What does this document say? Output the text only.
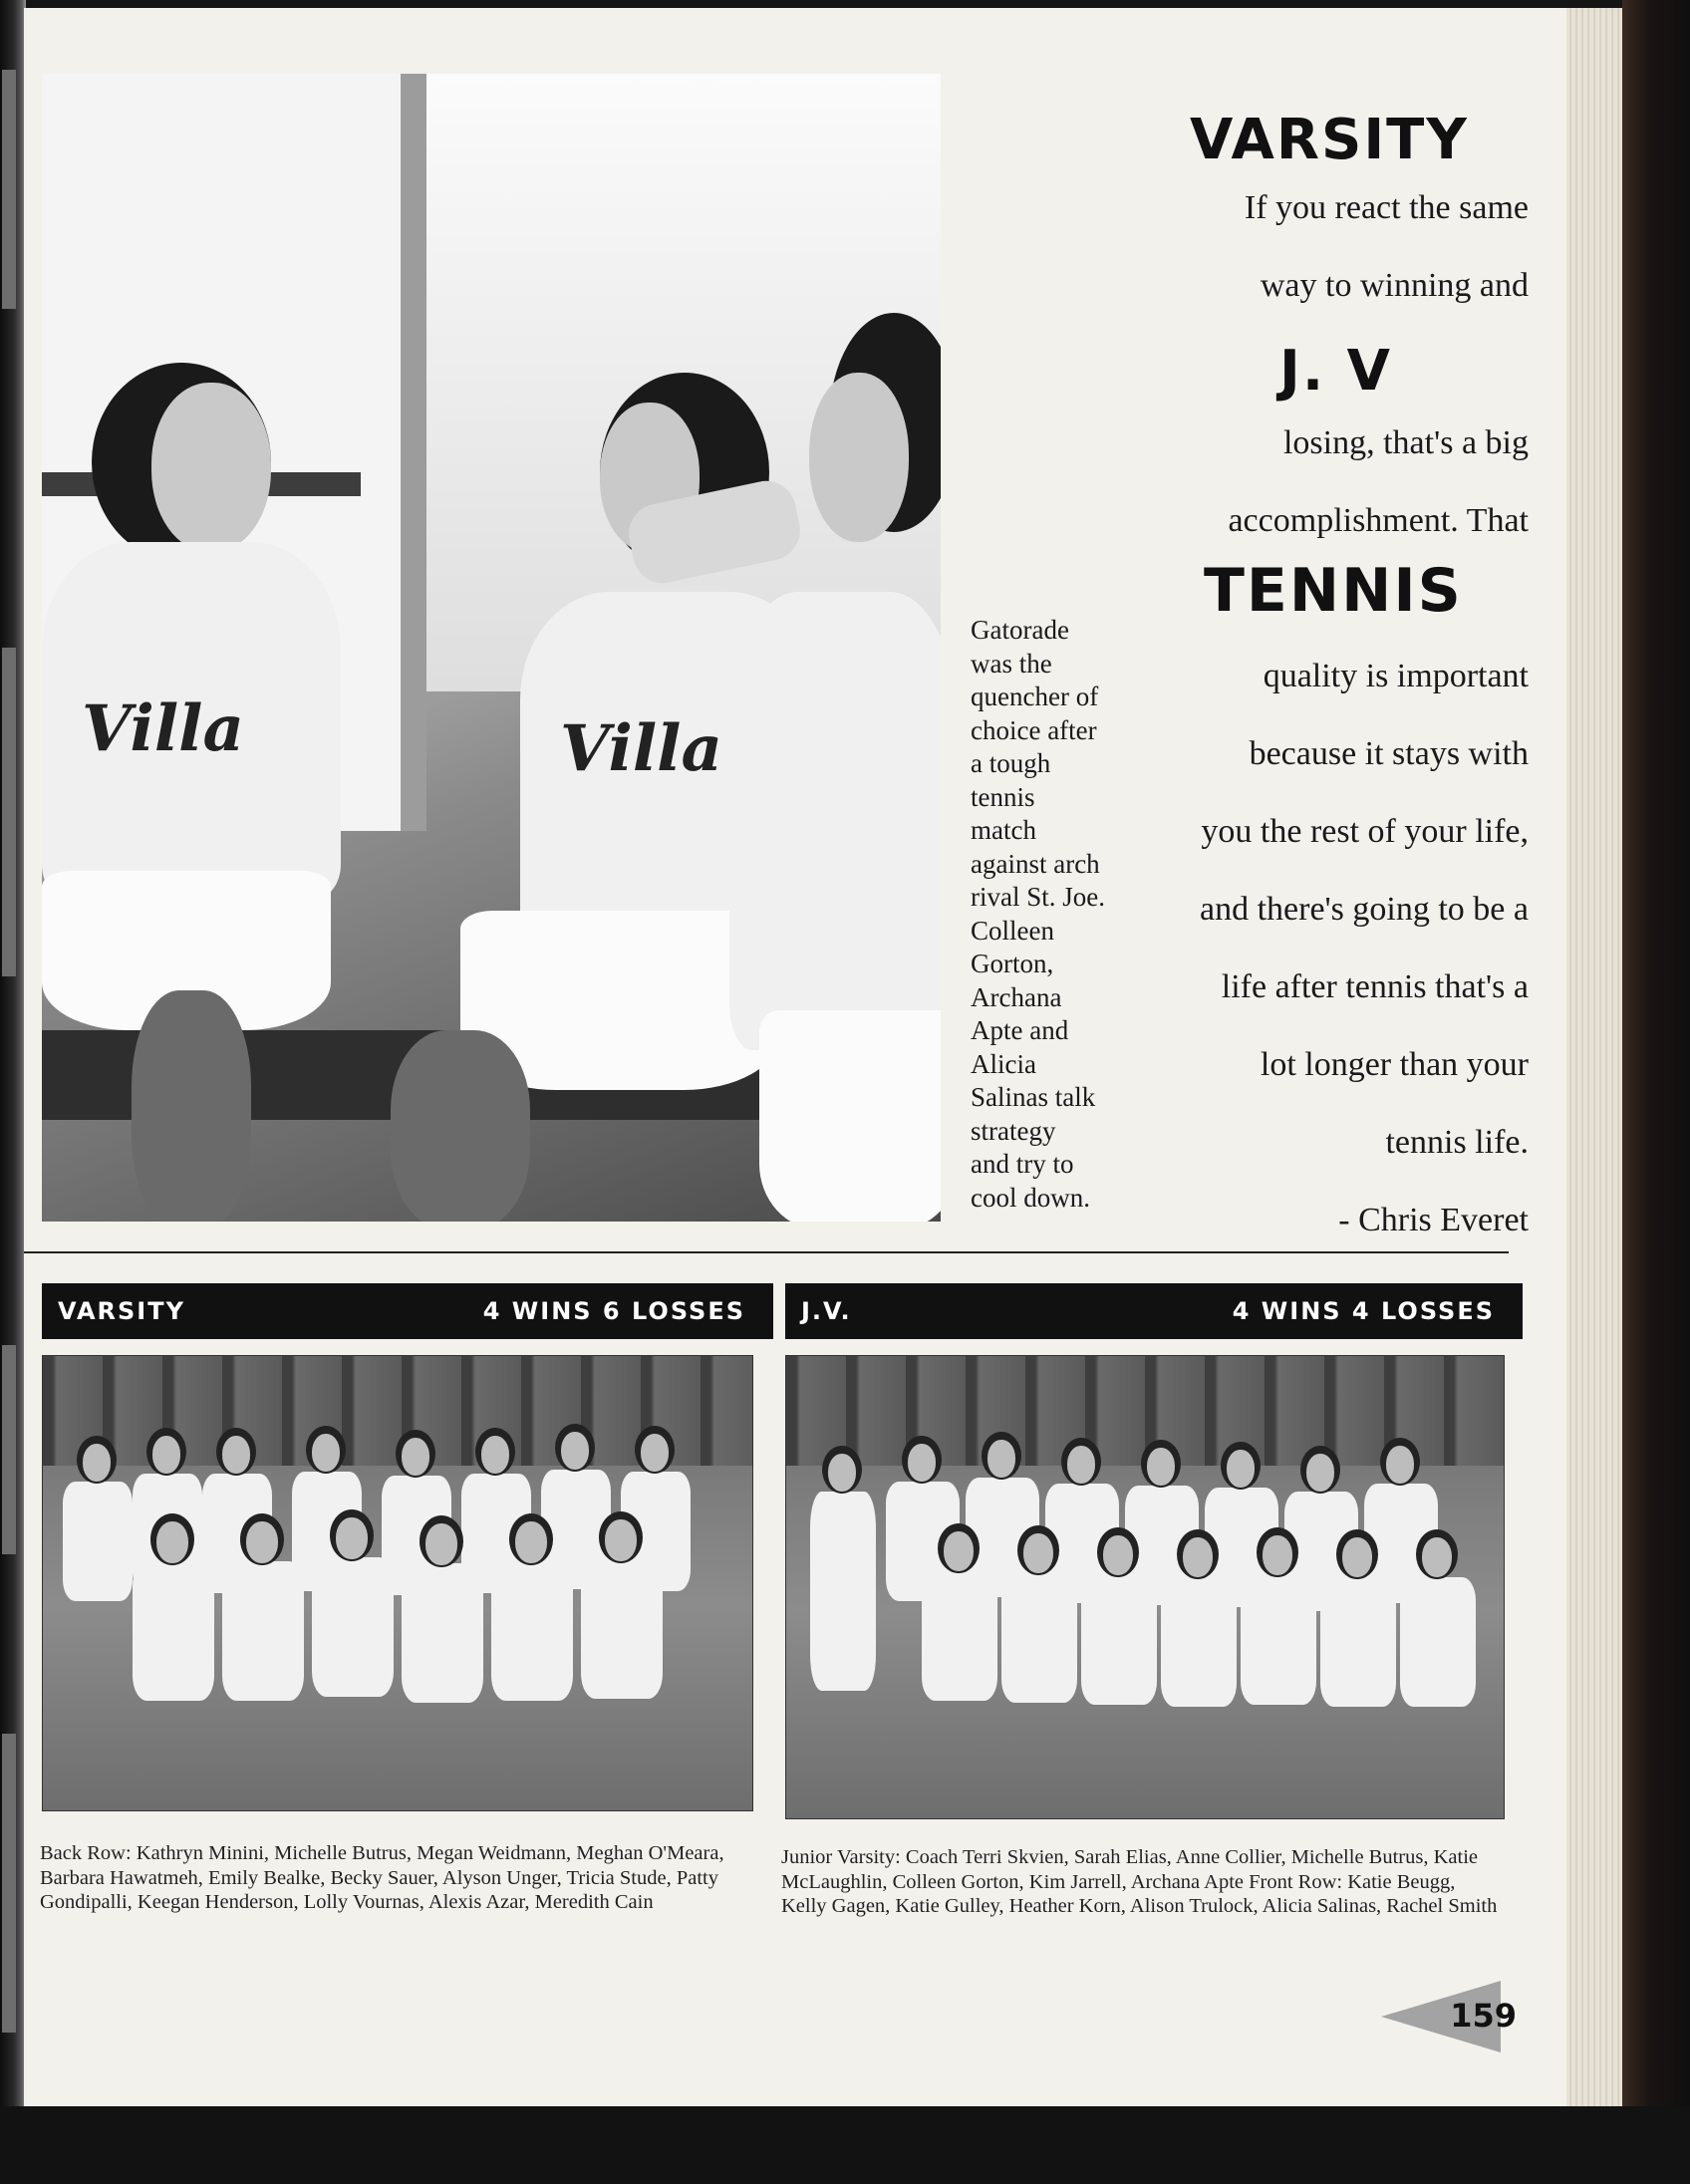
Villa	Villa
Gatorade
was the
quencher of
choice after
a tough
tennis
match
against arch
rival St. Joe.
Colleen
Gorton,
Archana
Apte and
Alicia
Salinas talk
strategy
and try to
cool down.
VARSITY
If you react the same
way to winning and
J. V
losing, that's a big
accomplishment. That
TENNIS
quality is important
because it stays with
you the rest of your life,
and there's going to be a
life after tennis that's a
lot longer than your
tennis life.
- Chris Everet
VARSITY	4 WINS 6 LOSSES
Back Row: Kathryn Minini, Michelle Butrus, Megan Weidmann, Meghan O'Meara, Barbara Hawatmeh, Emily Bealke, Becky Sauer, Alyson Unger, Tricia Stude, Patty Gondipalli, Keegan Henderson, Lolly Vournas, Alexis Azar, Meredith Cain
J.V.	4 WINS 4 LOSSES
Junior Varsity: Coach Terri Skvien, Sarah Elias, Anne Collier, Michelle Butrus, Katie McLaughlin, Colleen Gorton, Kim Jarrell, Archana Apte Front Row: Katie Beugg, Kelly Gagen, Katie Gulley, Heather Korn, Alison Trulock, Alicia Salinas, Rachel Smith
159
